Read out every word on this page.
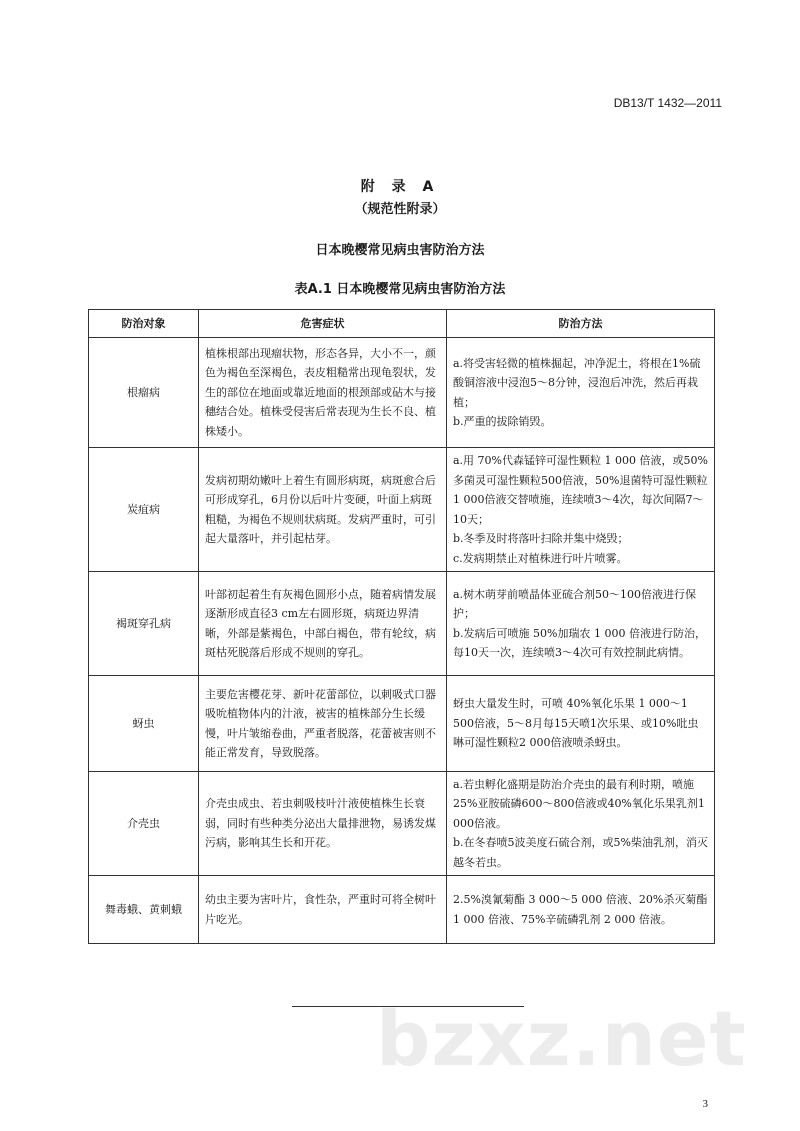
DB13/T 1432—2011
附 录 A
（规范性附录）
日本晚樱常见病虫害防治方法
表A.1 日本晚樱常见病虫害防治方法
防治对象	危害症状	防治方法
根瘤病	植株根部出现瘤状物，形态各异，大小不一，颜色为褐色至深褐色，表皮粗糙常出现龟裂状，发生的部位在地面或靠近地面的根颈部或砧木与接穗结合处。植株受侵害后常表现为生长不良、植株矮小。	a.将受害轻微的植株掘起，冲净泥土，将根在1%硫酸铜溶液中浸泡5～8分钟，浸泡后冲洗，然后再栽植；
b.严重的拔除销毁。

炭疽病	发病初期幼嫩叶上着生有圆形病斑，病斑愈合后可形成穿孔，6月份以后叶片变硬，叶面上病斑粗糙，为褐色不规则状病斑。发病严重时，可引起大量落叶，并引起枯芽。	a.用 70%代森锰锌可湿性颗粒 1 000 倍液，或50%多菌灵可湿性颗粒500倍液，50%退菌特可湿性颗粒1 000倍液交替喷施，连续喷3～4次，每次间隔7～10天；
b.冬季及时将落叶扫除并集中烧毁；
c.发病期禁止对植株进行叶片喷雾。

褐斑穿孔病	叶部初起着生有灰褐色圆形小点，随着病情发展逐渐形成直径3 cm左右圆形斑，病斑边界清晰，外部是紫褐色，中部白褐色，带有轮纹，病斑枯死脱落后形成不规则的穿孔。	a.树木萌芽前喷晶体亚硫合剂50～100倍液进行保护；
b.发病后可喷施 50%加瑞农 1 000 倍液进行防治，每10天一次，连续喷3～4次可有效控制此病情。

蚜虫	主要危害樱花芽、新叶花蕾部位，以刺吸式口器吸吮植物体内的汁液，被害的植株部分生长缓慢，叶片皱缩卷曲，严重者脱落，花蕾被害则不能正常发育，导致脱落。	蚜虫大量发生时，可喷 40%氧化乐果 1 000～1 500倍液，5～8月每15天喷1次乐果、或10%吡虫啉可湿性颗粒2 000倍液喷杀蚜虫。

介壳虫	介壳虫成虫、若虫刺吸枝叶汁液使植株生长衰弱，同时有些种类分泌出大量排泄物，易诱发煤污病，影响其生长和开花。	a.若虫孵化盛期是防治介壳虫的最有利时期，喷施25%亚胺硫磷600～800倍液或40%氧化乐果乳剂1 000倍液。
b.在冬春喷5波美度石硫合剂，或5%柴油乳剂，消灭越冬若虫。

舞毒蛾、黄刺蛾	幼虫主要为害叶片，食性杂，严重时可将全树叶片吃光。	2.5%溴氰菊酯 3 000～5 000 倍液、20%杀灭菊酯 1 000 倍液、75%辛硫磷乳剂 2 000 倍液。
bzxz.net
3
